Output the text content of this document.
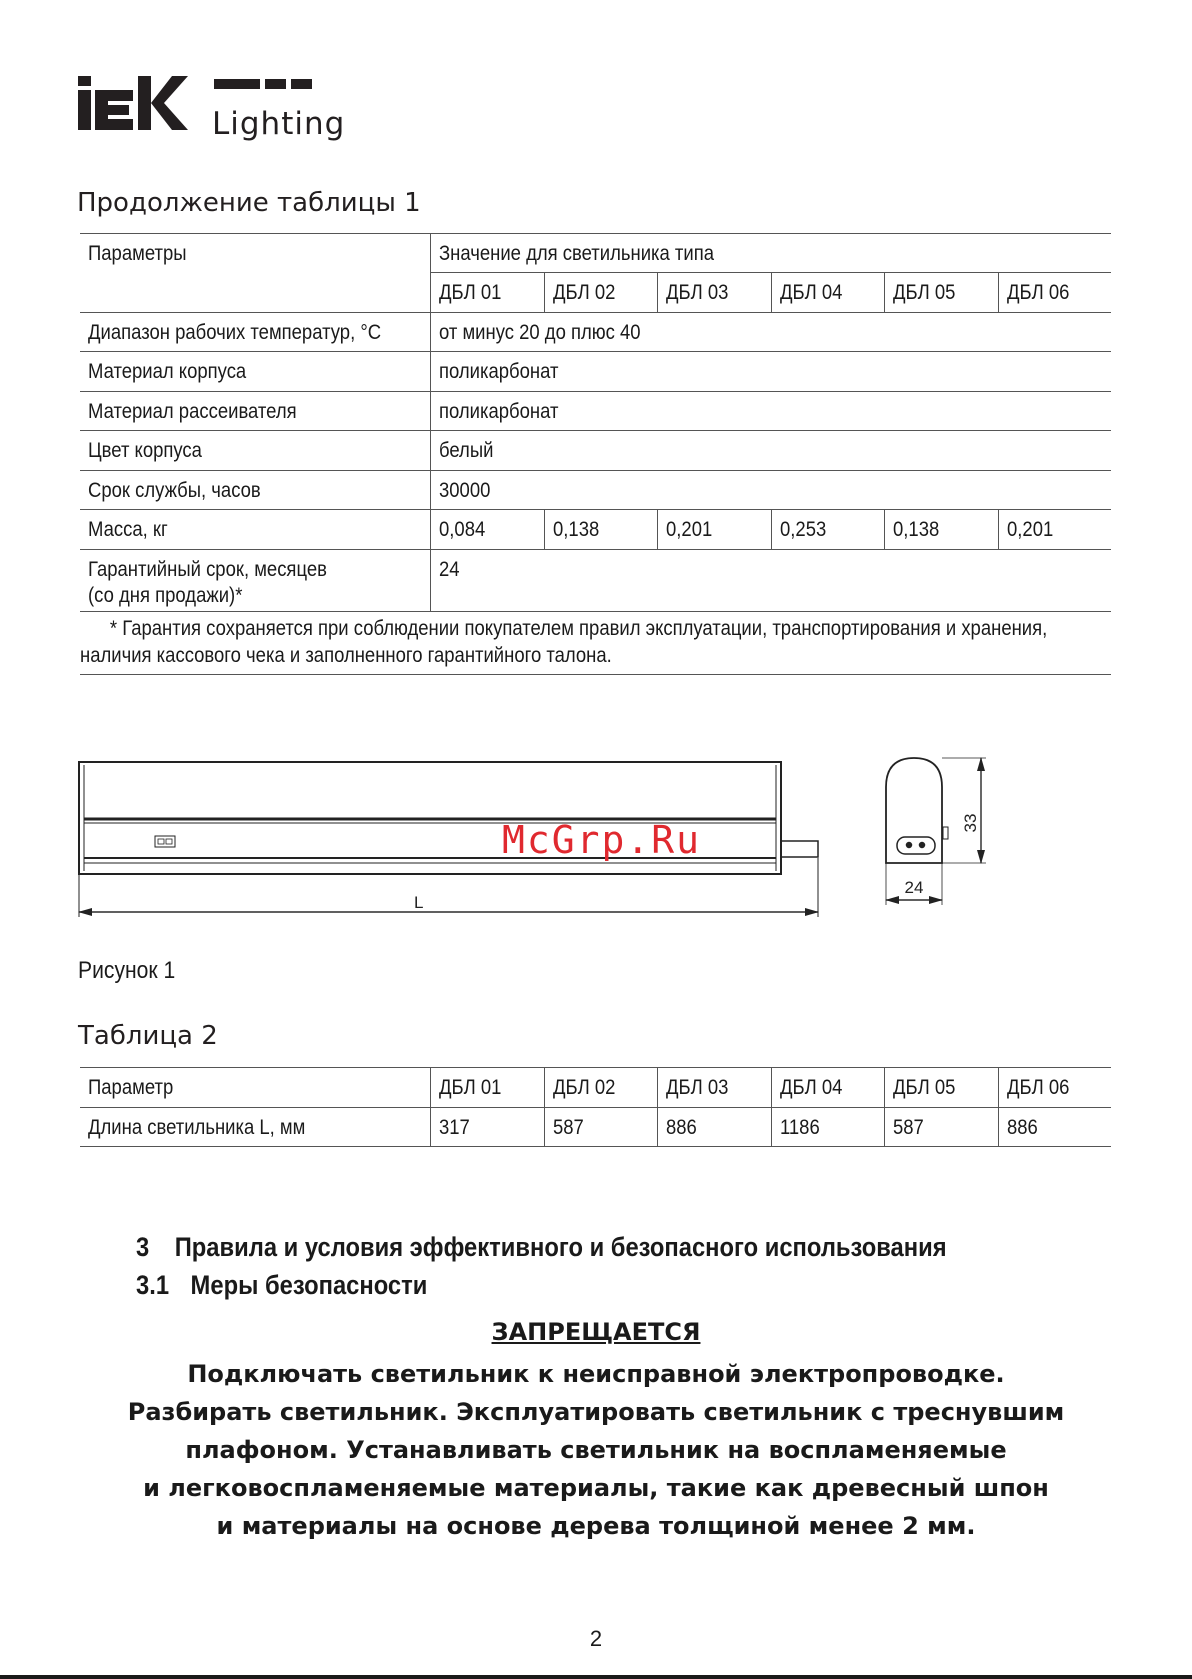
Lighting
Продолжение таблицы 1
Параметры	Значение для светильника типа					
	ДБЛ 01	ДБЛ 02	ДБЛ 03	ДБЛ 04	ДБЛ 05	ДБЛ 06
Диапазон рабочих температур, °С	от минус 20 до плюс 40					
Материал корпуса	поликарбонат					
Материал рассеивателя	поликарбонат					
Цвет корпуса	белый					
Срок службы, часов	30000					
Масса, кг	0,084	0,138	0,201	0,253	0,138	0,201
Гарантийный срок, месяцев
(со дня продажи)*	24					
* Гарантия сохраняется при соблюдении покупателем правил эксплуатации, транспортирования и хранения, наличия кассового чека и заполненного гарантийного талона.
L
33
24
McGrp.Ru
Рисунок 1
Таблица 2
Параметр	ДБЛ 01	ДБЛ 02	ДБЛ 03	ДБЛ 04	ДБЛ 05	ДБЛ 06
Длина светильника L, мм	317	587	886	1186	587	886
3 Правила и условия эффективного и безопасного использования
3.1 Меры безопасности
ЗАПРЕЩАЕТСЯ
Подключать светильник к неисправной электропроводке.
Разбирать светильник. Эксплуатировать светильник с треснувшим
плафоном. Устанавливать светильник на воспламеняемые
и легковоспламеняемые материалы, такие как древесный шпон
и материалы на основе дерева толщиной менее 2 мм.
2
